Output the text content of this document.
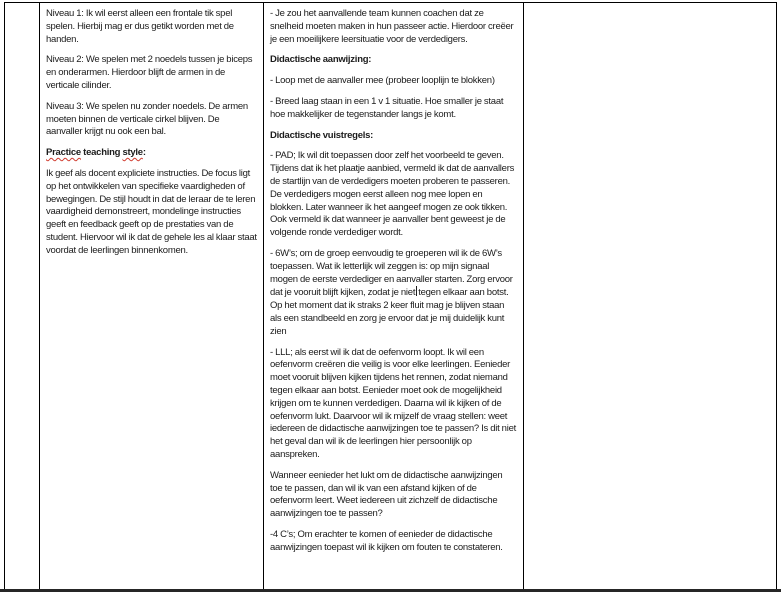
Niveau 1: Ik wil eerst alleen een frontale tik spel spelen. Hierbij mag er dus getikt worden met de handen.

Niveau 2: We spelen met 2 noedels tussen je biceps en onderarmen. Hierdoor blijft de armen in de verticale cilinder.

Niveau 3: We spelen nu zonder noedels. De armen moeten binnen de verticale cirkel blijven. De aanvaller krijgt nu ook een bal.

Practice teaching style:

Ik geef als docent expliciete instructies. De focus ligt op het ontwikkelen van specifieke vaardigheden of bewegingen. De stijl houdt in dat de leraar de te leren vaardigheid demonstreert, mondelinge instructies geeft en feedback geeft op de prestaties van de student. Hiervoor wil ik dat de gehele les al klaar staat voordat de leerlingen binnenkomen.

- Je zou het aanvallende team kunnen coachen dat ze snelheid moeten maken in hun passeer actie. Hierdoor creëer je een moeilijkere leersituatie voor de verdedigers.

Didactische aanwijzing:

- Loop met de aanvaller mee (probeer looplijn te blokken)

- Breed laag staan in een 1 v 1 situatie. Hoe smaller je staat hoe makkelijker de tegenstander langs je komt.

Didactische vuistregels:

- PAD; Ik wil dit toepassen door zelf het voorbeeld te geven. Tijdens dat ik het plaatje aanbied, vermeld ik dat de aanvallers de startlijn van de verdedigers moeten proberen te passeren. De verdedigers mogen eerst alleen nog mee lopen en blokken. Later wanneer ik het aangeef mogen ze ook tikken. Ook vermeld ik dat wanneer je aanvaller bent geweest je de volgende ronde verdediger wordt.

- 6W’s; om de groep eenvoudig te groeperen wil ik de 6W’s toepassen. Wat ik letterlijk wil zeggen is: op mijn signaal mogen de eerste verdediger en aanvaller starten. Zorg ervoor dat je vooruit blijft kijken, zodat je niet tegen elkaar aan botst. Op het moment dat ik straks 2 keer fluit mag je blijven staan als een standbeeld en zorg je ervoor dat je mij duidelijk kunt zien

- LLL; als eerst wil ik dat de oefenvorm loopt. Ik wil een oefenvorm creëren die veilig is voor elke leerlingen. Eenieder moet vooruit blijven kijken tijdens het rennen, zodat niemand tegen elkaar aan botst. Eenieder moet ook de mogelijkheid krijgen om te kunnen verdedigen. Daarna wil ik kijken of de oefenvorm lukt. Daarvoor wil ik mijzelf de vraag stellen: weet iedereen de didactische aanwijzingen toe te passen? Is dit niet het geval dan wil ik de leerlingen hier persoonlijk op aanspreken.

Wanneer eenieder het lukt om de didactische aanwijzingen toe te passen, dan wil ik van een afstand kijken of de oefenvorm leert. Weet iedereen uit zichzelf de didactische aanwijzingen toe te passen?

-4 C’s; Om erachter te komen of eenieder de didactische aanwijzingen toepast wil ik kijken om fouten te constateren.
